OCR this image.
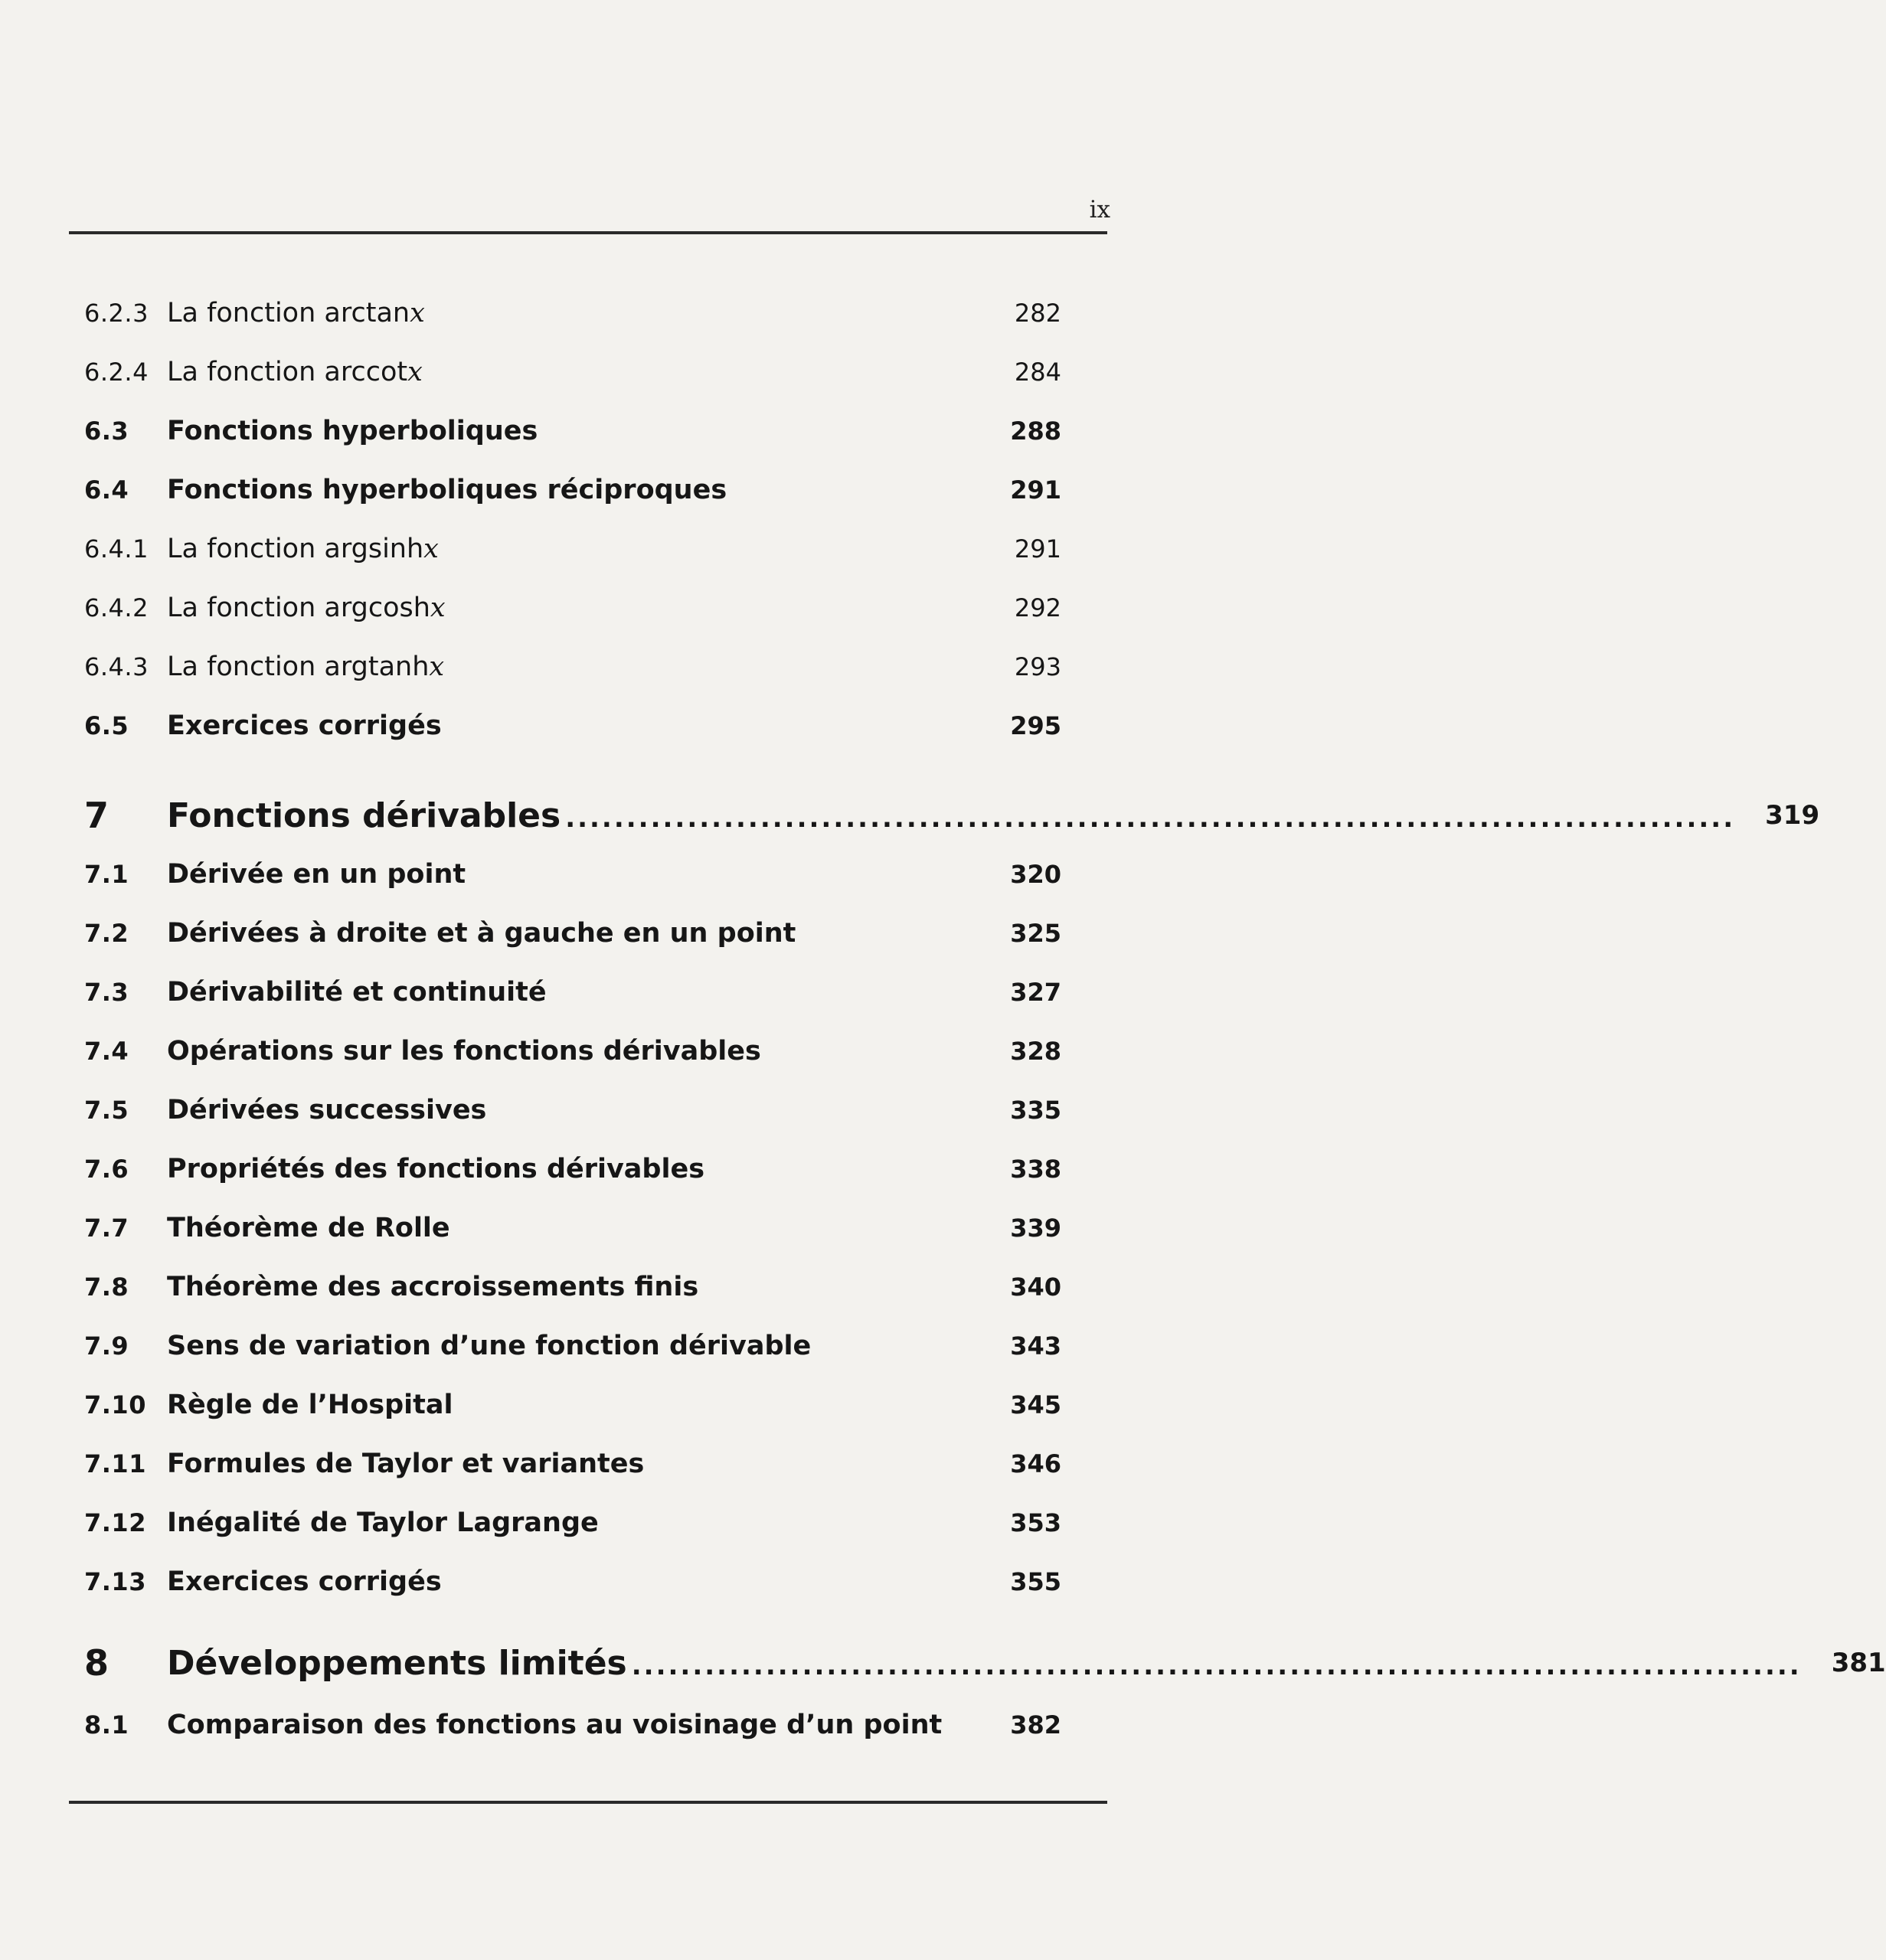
ix
6.2.3 La fonction arctanx	282
6.2.4 La fonction arccotx	284
6.3	Fonctions hyperboliques	288
6.4	Fonctions hyperboliques réciproques	291
6.4.1 La fonction argsinhx	291
6.4.2 La fonction argcoshx	292
6.4.3 La fonction argtanhx	293
6.5	Exercices corrigés	295
7	Fonctions dérivables ................................................................................................	319
7.1	Dérivée en un point	320
7.2	Dérivées à droite et à gauche en un point	325
7.3	Dérivabilité et continuité	327
7.4	Opérations sur les fonctions dérivables	328
7.5	Dérivées successives	335
7.6	Propriétés des fonctions dérivables	338
7.7	Théorème de Rolle	339
7.8	Théorème des accroissements finis	340
7.9	Sens de variation d’une fonction dérivable	343
7.10 Règle de l’Hospital	345
7.11 Formules de Taylor et variantes	346
7.12 Inégalité de Taylor Lagrange	353
7.13 Exercices corrigés	355
8	Développements limités ................................................................................................	381
8.1	Comparaison des fonctions au voisinage d’un point	382
